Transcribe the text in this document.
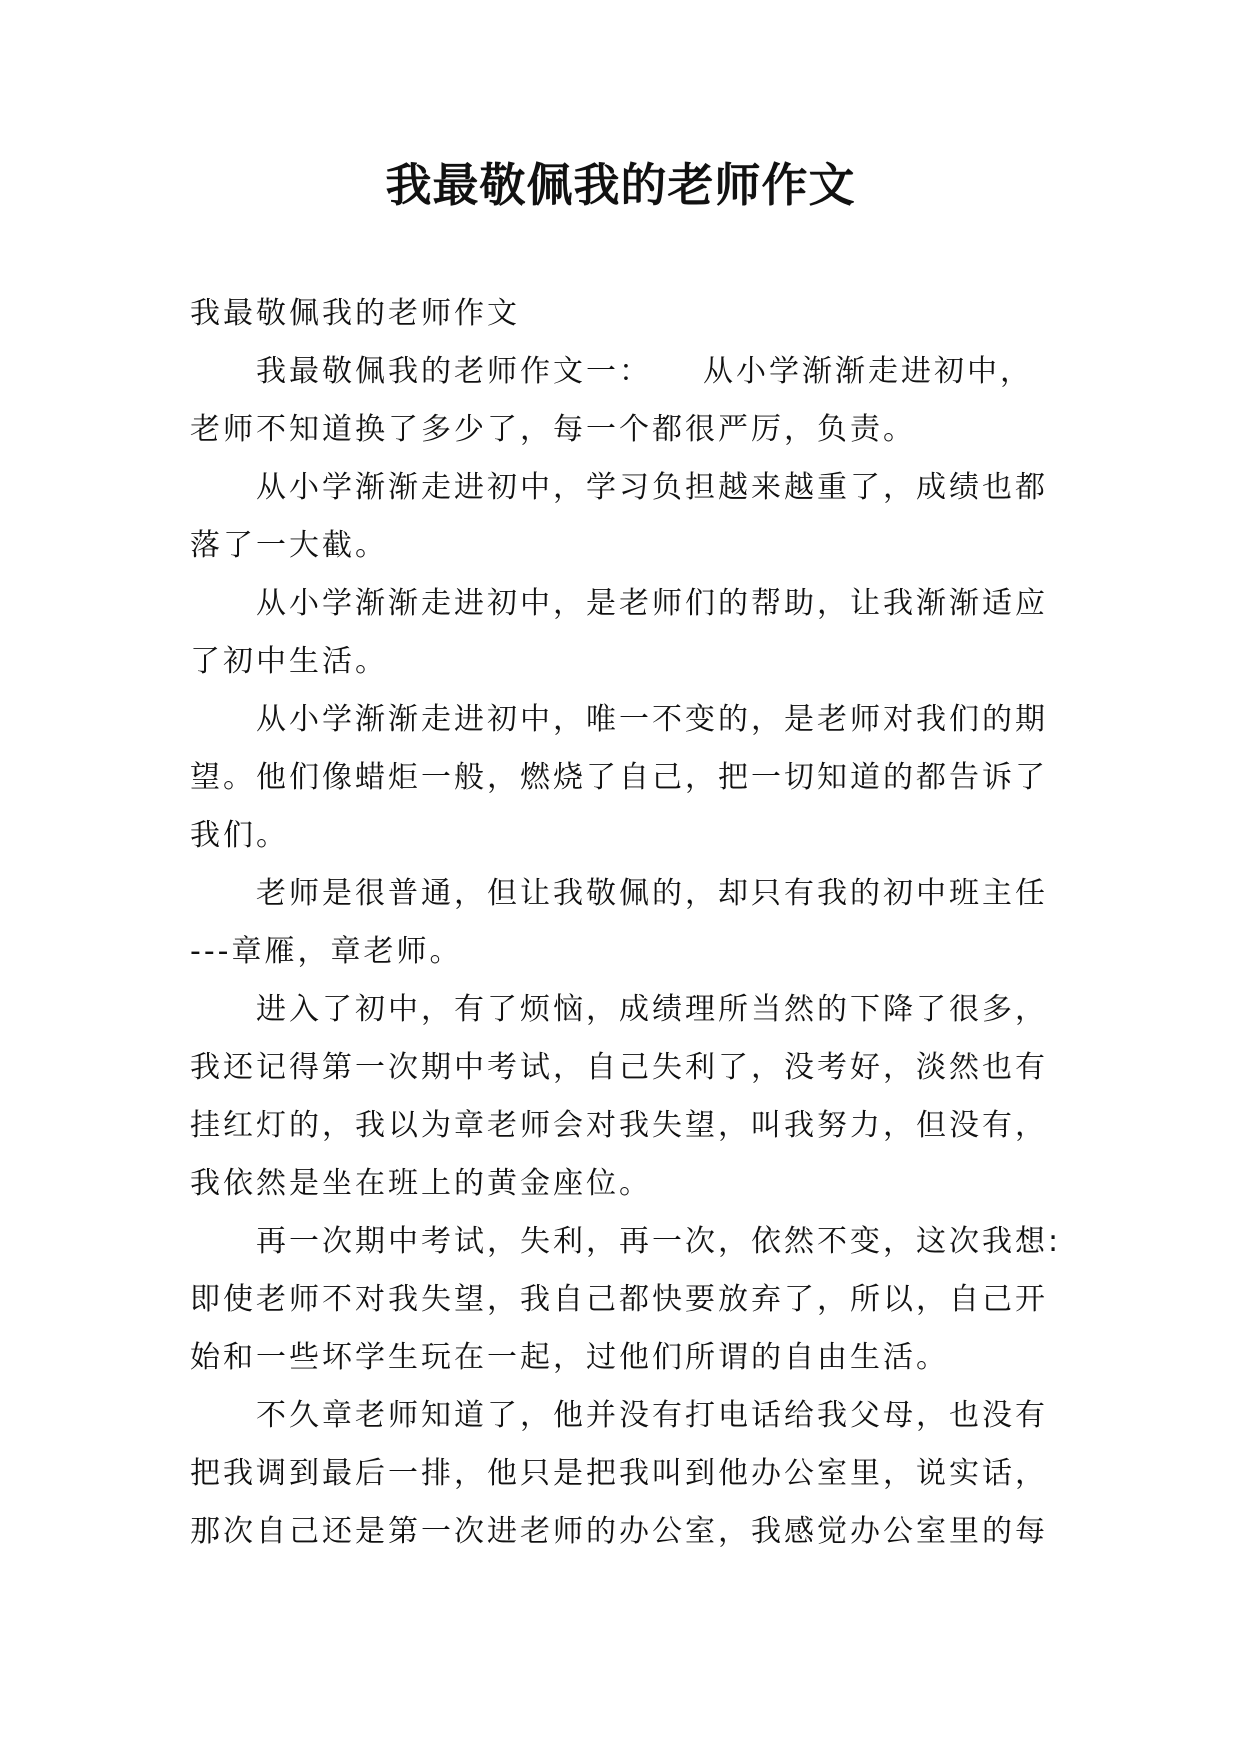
我最敬佩我的老师作文

我最敬佩我的老师作文

我最敬佩我的老师作文一：　　从小学渐渐走进初中，
老师不知道换了多少了，每一个都很严厉，负责。

从小学渐渐走进初中，学习负担越来越重了，成绩也都
落了一大截。

从小学渐渐走进初中，是老师们的帮助，让我渐渐适应
了初中生活。

从小学渐渐走进初中，唯一不变的，是老师对我们的期
望。他们像蜡炬一般，燃烧了自己，把一切知道的都告诉了
我们。

老师是很普通，但让我敬佩的，却只有我的初中班主任
---章雁，章老师。

进入了初中，有了烦恼，成绩理所当然的下降了很多，
我还记得第一次期中考试，自己失利了，没考好，淡然也有
挂红灯的，我以为章老师会对我失望，叫我努力，但没有，
我依然是坐在班上的黄金座位。

再一次期中考试，失利，再一次，依然不变，这次我想:
即使老师不对我失望，我自己都快要放弃了，所以，自己开
始和一些坏学生玩在一起，过他们所谓的自由生活。

不久章老师知道了，他并没有打电话给我父母，也没有
把我调到最后一排，他只是把我叫到他办公室里，说实话，
那次自己还是第一次进老师的办公室，我感觉办公室里的每
